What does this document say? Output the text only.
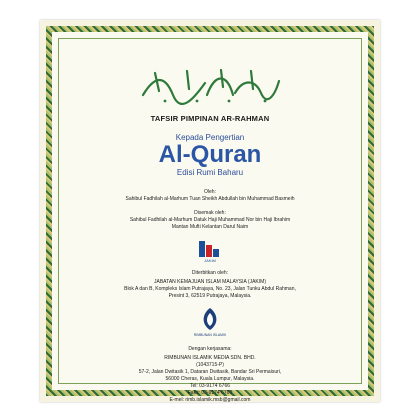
TAFSIR PIMPINAN AR-RAHMAN
Kepada Pengertian
Al-Quran
Edisi Rumi Baharu
Oleh:
Sahibul Fadhilah al-Marhum Tuan Sheikh Abdullah bin Muhammad Basmeih
Disemak oleh:
Sahibul Fadhilah al-Marhum Datuk Haji Muhammad Nor bin Haji Ibrahim
Mantan Mufti Kelantan Darul Naim
JAKIM
Diterbitkan oleh:
JABATAN KEMAJUAN ISLAM MALAYSIA (JAKIM)
Blok A dan B, Kompleks Islam Putrajaya, No. 23, Jalan Tunku Abdul Rahman,
Presint 3, 62519 Putrajaya, Malaysia.
RIMBUNAN ISLAMIK
Dengan kerjasama:
RIMBUNAN ISLAMIK MEDIA SDN. BHD.
(1043715-P)
57-2, Jalan Dwitasik 1, Dataran Dwitasik, Bandar Sri Permaisuri,
56000 Cheras, Kuala Lumpur, Malaysia.
Tel: 03-9174 6766
Faks: 03-9174 6760
E-mel: rimb.islamik.msb@gmail.com
